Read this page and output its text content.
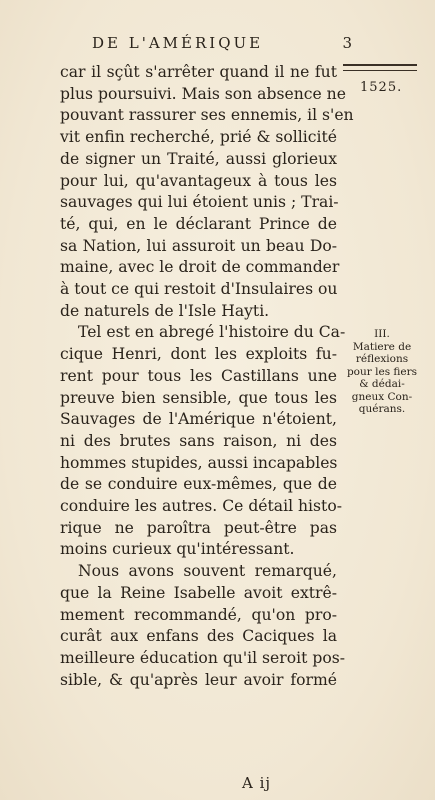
DE L'AMÉRIQUE	3
1525.
car il sçût s'arrêter quand il ne fut
plus poursuivi. Mais son absence ne
pouvant rassurer ses ennemis, il s'en
vit enfin recherché, prié & sollicité
de signer un Traité, aussi glorieux
pour lui, qu'avantageux à tous les
sauvages qui lui étoient unis ; Trai-
té, qui, en le déclarant Prince de
sa Nation, lui assuroit un beau Do-
maine, avec le droit de commander
à tout ce qui restoit d'Insulaires ou
de naturels de l'Isle Hayti.
Tel est en abregé l'histoire du Ca-
cique Henri, dont les exploits fu-
rent pour tous les Castillans une
preuve bien sensible, que tous les
Sauvages de l'Amérique n'étoient,
ni des brutes sans raison, ni des
hommes stupides, aussi incapables
de se conduire eux-mêmes, que de
conduire les autres. Ce détail histo-
rique ne paroîtra peut-être pas
moins curieux qu'intéressant.
Nous avons souvent remarqué,
que la Reine Isabelle avoit extrê-
mement recommandé, qu'on pro-
curât aux enfans des Caciques la
meilleure éducation qu'il seroit pos-
sible, & qu'après leur avoir formé
III.
Matiere de
réflexions
pour les fiers
& dédai-
gneux Con-
quérans.
A ij
